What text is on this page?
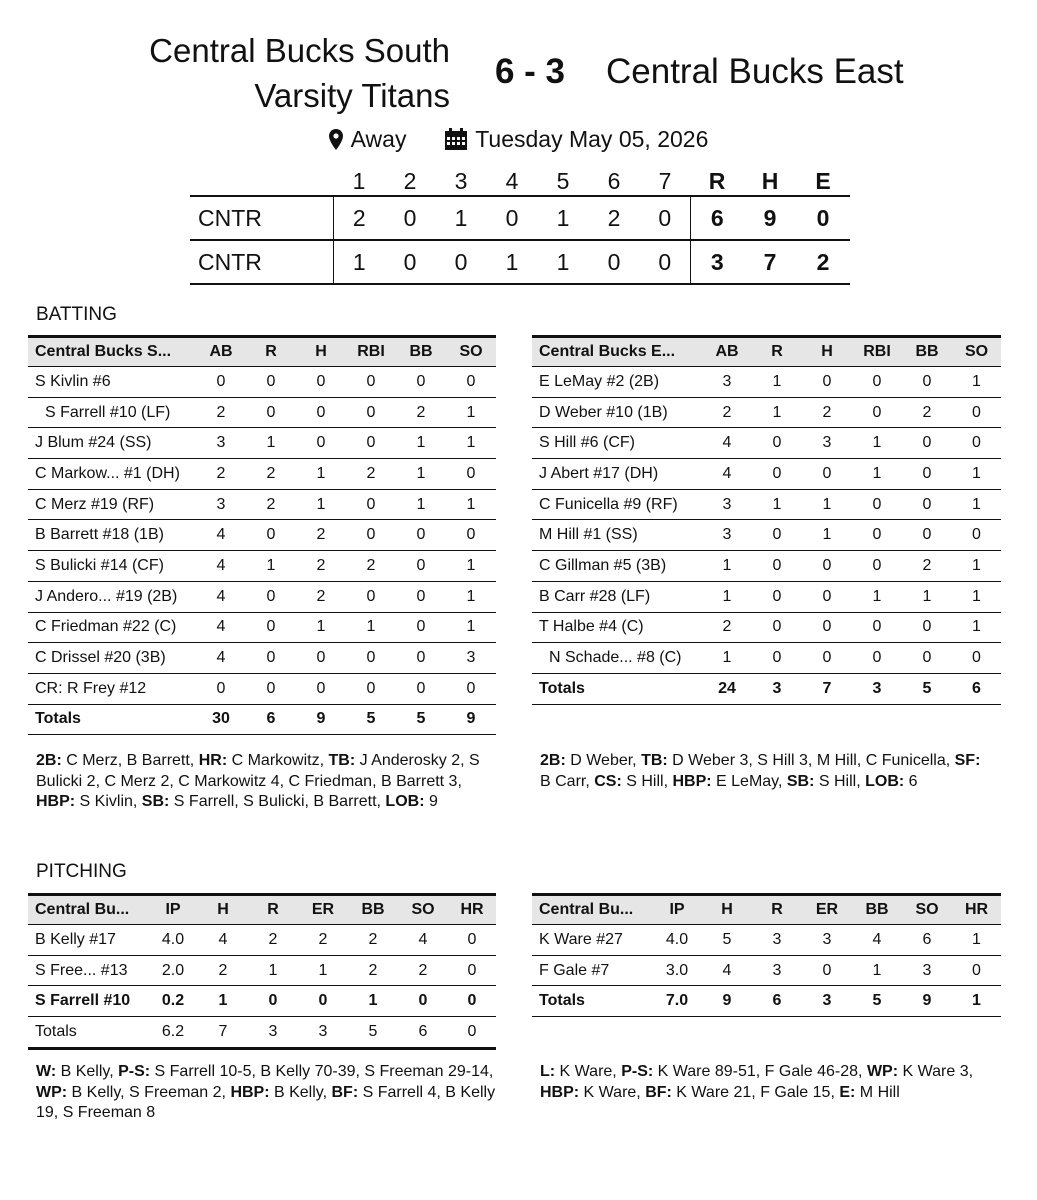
Central Bucks South
Varsity Titans
6 - 3	Central Bucks East
Away	Tuesday May 05, 2026
	1	2	3	4	5	6	7	R	H	E
CNTR	2	0	1	0	1	2	0	6	9	0
CNTR	1	0	0	1	1	0	0	3	7	2
BATTING
Central Bucks S...	AB	R	H	RBI	BB	SO
S Kivlin #6	0	0	0	0	0	0
S Farrell #10 (LF)	2	0	0	0	2	1
J Blum #24 (SS)	3	1	0	0	1	1
C Markow... #1 (DH)	2	2	1	2	1	0
C Merz #19 (RF)	3	2	1	0	1	1
B Barrett #18 (1B)	4	0	2	0	0	0
S Bulicki #14 (CF)	4	1	2	2	0	1
J Andero... #19 (2B)	4	0	2	0	0	1
C Friedman #22 (C)	4	0	1	1	0	1
C Drissel #20 (3B)	4	0	0	0	0	3
CR: R Frey #12	0	0	0	0	0	0
Totals	30	6	9	5	5	9
Central Bucks E...	AB	R	H	RBI	BB	SO
E LeMay #2 (2B)	3	1	0	0	0	1
D Weber #10 (1B)	2	1	2	0	2	0
S Hill #6 (CF)	4	0	3	1	0	0
J Abert #17 (DH)	4	0	0	1	0	1
C Funicella #9 (RF)	3	1	1	0	0	1
M Hill #1 (SS)	3	0	1	0	0	0
C Gillman #5 (3B)	1	0	0	0	2	1
B Carr #28 (LF)	1	0	0	1	1	1
T Halbe #4 (C)	2	0	0	0	0	1
N Schade... #8 (C)	1	0	0	0	0	0
Totals	24	3	7	3	5	6
2B: C Merz, B Barrett, HR: C Markowitz, TB: J Anderosky 2, S Bulicki 2, C Merz 2, C Markowitz 4, C Friedman, B Barrett 3, HBP: S Kivlin, SB: S Farrell, S Bulicki, B Barrett, LOB: 9
2B: D Weber, TB: D Weber 3, S Hill 3, M Hill, C Funicella, SF: B Carr, CS: S Hill, HBP: E LeMay, SB: S Hill, LOB: 6
PITCHING
Central Bu...	IP	H	R	ER	BB	SO	HR
B Kelly #17	4.0	4	2	2	2	4	0
S Free... #13	2.0	2	1	1	2	2	0
S Farrell #10	0.2	1	0	0	1	0	0
Totals	6.2	7	3	3	5	6	0
Central Bu...	IP	H	R	ER	BB	SO	HR
K Ware #27	4.0	5	3	3	4	6	1
F Gale #7	3.0	4	3	0	1	3	0
Totals	7.0	9	6	3	5	9	1
W: B Kelly, P-S: S Farrell 10-5, B Kelly 70-39, S Freeman 29-14, WP: B Kelly, S Freeman 2, HBP: B Kelly, BF: S Farrell 4, B Kelly 19, S Freeman 8
L: K Ware, P-S: K Ware 89-51, F Gale 46-28, WP: K Ware 3, HBP: K Ware, BF: K Ware 21, F Gale 15, E: M Hill
